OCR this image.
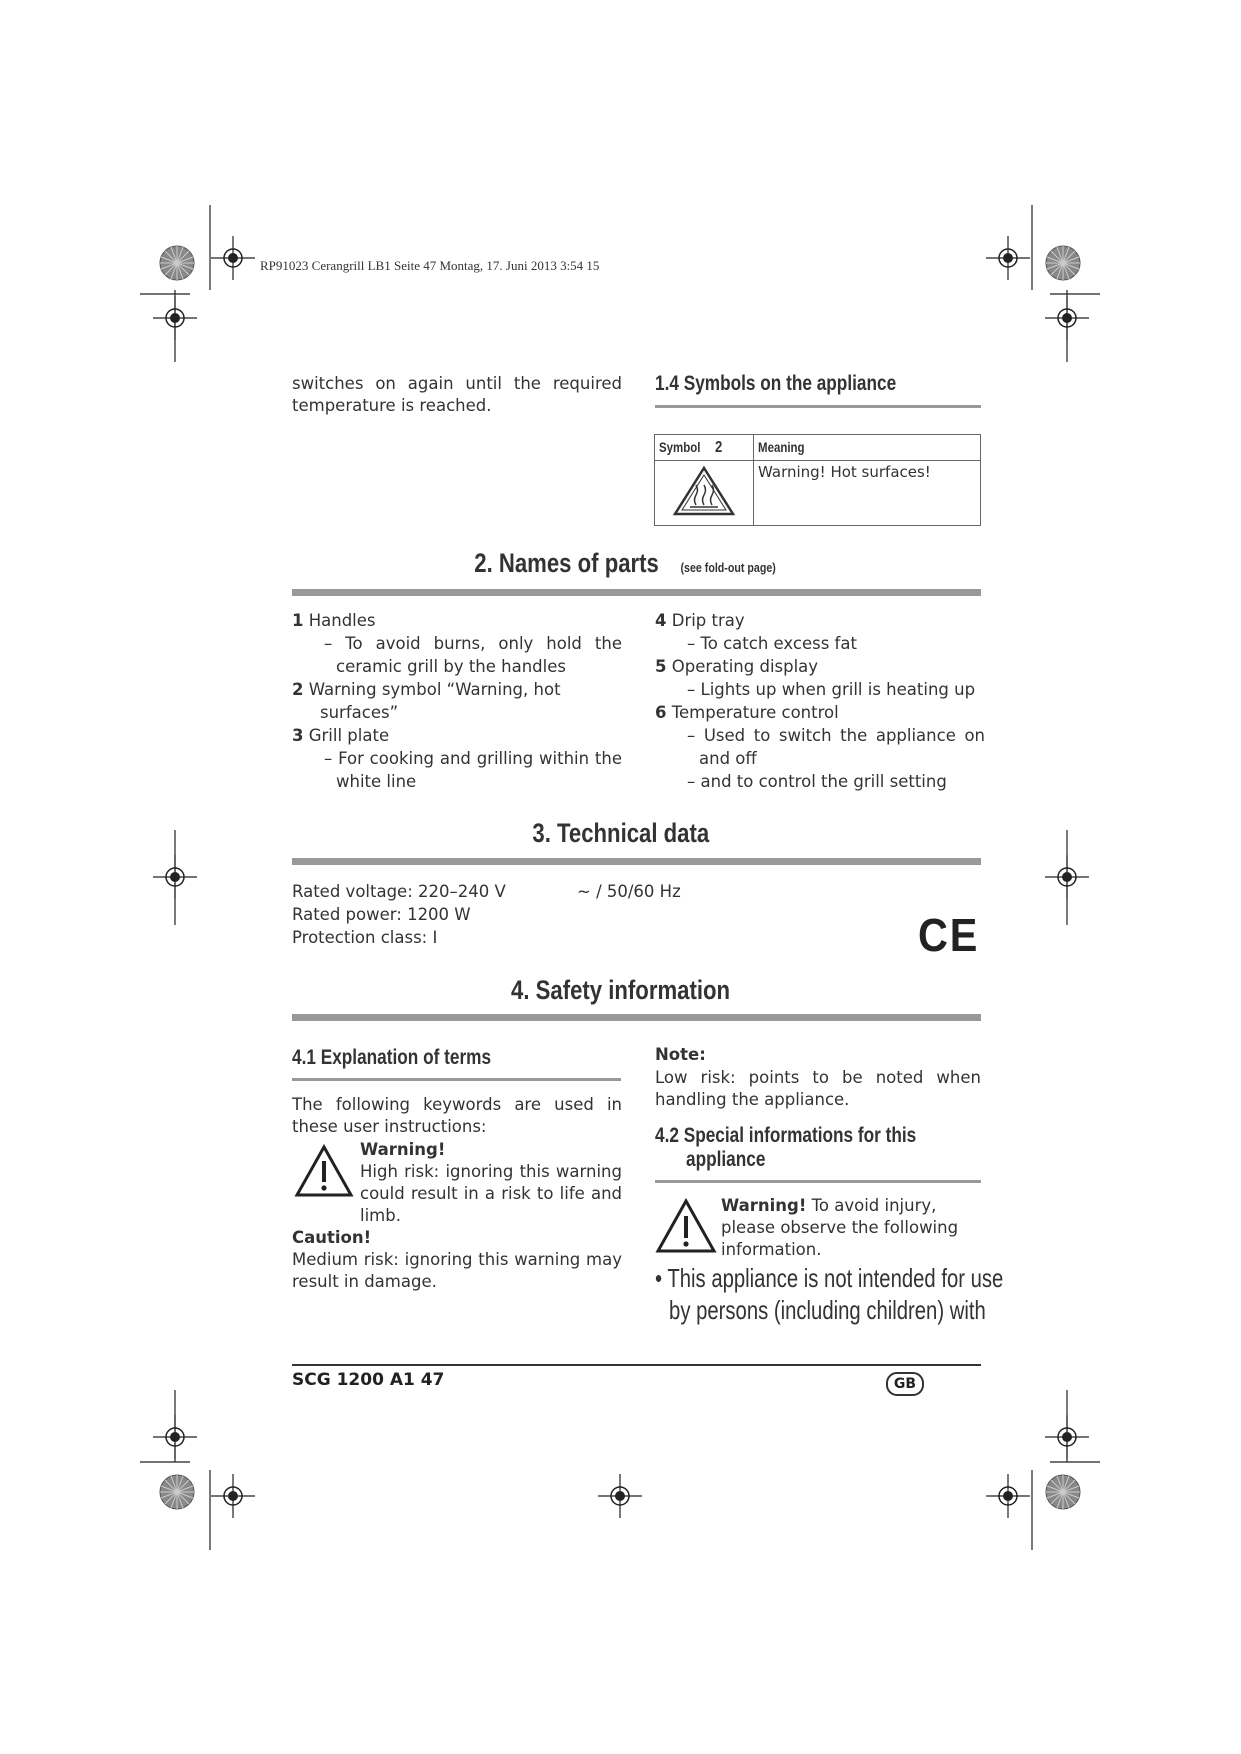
RP91023 Cerangrill LB1 Seite 47 Montag, 17. Juni 2013 3:54 15
switches on again until the required temperature is reached.
1.4 Symbols on the appliance
Symbol 2	Meaning
	Warning! Hot surfaces!
2. Names of parts (see fold-out page)
1 Handles
– To avoid burns, only hold the ceramic grill by the handles
2 Warning symbol “Warning, hot surfaces”
3 Grill plate
– For cooking and grilling within the white line
4 Drip tray
– To catch excess fat
5 Operating display
– Lights up when grill is heating up
6 Temperature control
– Used to switch the appliance on and off
– and to control the grill setting
3. Technical data
Rated voltage: 220–240 V	~ / 50/60 Hz
Rated power: 1200 W
Protection class: I	CE
4. Safety information
4.1 Explanation of terms
The following keywords are used in these user instructions:
Warning!
High risk: ignoring this warning could result in a risk to life and limb.
Caution!
Medium risk: ignoring this warning may result in damage.
Note:
Low risk: points to be noted when handling the appliance.
4.2 Special informations for this
appliance
Warning! To avoid injury, please observe the following information.
• This appliance is not intended for use
by persons (including children) with
SCG 1200 A1 47	GB
